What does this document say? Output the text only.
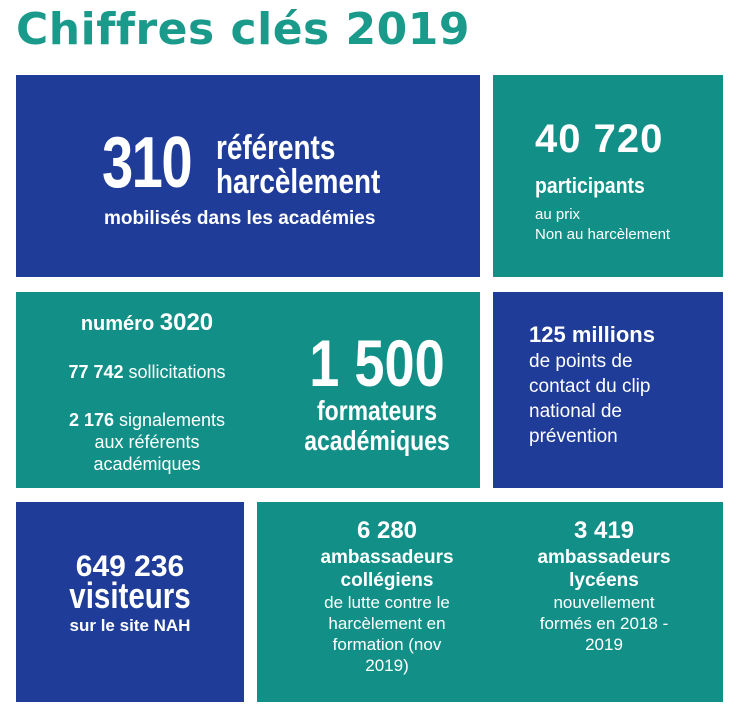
Chiffres clés 2019
310 référents
harcèlement
mobilisés dans les académies
40 720
participants
au prix
Non au harcèlement
numéro 3020
77 742 sollicitations
2 176 signalements
aux référents
académiques
1 500
formateurs
académiques
125 millions
de points de
contact du clip
national de
prévention
649 236
visiteurs
sur le site NAH
6 280
ambassadeurs
collégiens
de lutte contre le
harcèlement en
formation (nov
2019)
3 419
ambassadeurs
lycéens
nouvellement
formés en 2018 -
2019
